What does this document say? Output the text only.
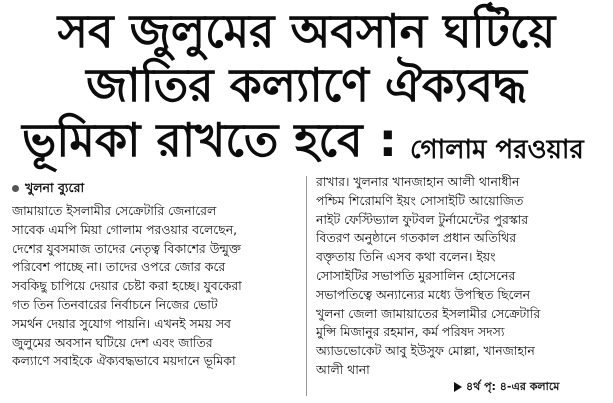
সব জুলুমের অবসান ঘটিয়ে
জাতির কল্যাণে ঐক্যবদ্ধ
ভূমিকা রাখতে হবে : গোলাম পরওয়ার
খুলনা ব্যুরো
জামায়াতে ইসলামীর সেক্রেটারি জেনারেল
সাবেক এমপি মিয়া গোলাম পরওয়ার বলেছেন,
দেশের যুবসমাজ তাদের নেতৃত্ব বিকাশের উন্মুক্ত
পরিবেশ পাচ্ছে না। তাদের ওপরে জোর করে
সবকিছু চাপিয়ে দেয়ার চেষ্টা করা হচ্ছে। যুবকেরা
গত তিন তিনবারের নির্বাচনে নিজের ভোট
সমর্থন দেয়ার সুযোগ পায়নি। এখনই সময় সব
জুলুমের অবসান ঘটিয়ে দেশ এবং জাতির
কল্যাণে সবাইকে ঐক্যবদ্ধভাবে ময়দানে ভূমিকা
রাখার। খুলনার খানজাহান আলী থানাধীন
পশ্চিম শিরোমণি ইয়ং সোসাইটি আয়োজিত
নাইট ফেস্টিভ্যাল ফুটবল টুর্নামেন্টের পুরস্কার
বিতরণ অনুষ্ঠানে গতকাল প্রধান অতিথির
বক্তৃতায় তিনি এসব কথা বলেন। ইয়ং
সোসাইটির সভাপতি মুরসালিন হোসেনের
সভাপতিত্বে অন্যান্যের মধ্যে উপস্থিত ছিলেন
খুলনা জেলা জামায়াতের ইসলামীর সেক্রেটারি
মুন্সি মিজানুর রহমান, কর্ম পরিষদ সদস্য
অ্যাডভোকেট আবু ইউসুফ মোল্লা, খানজাহান
আলী থানা
৪র্থ পৃ: ৪-এর কলামে
